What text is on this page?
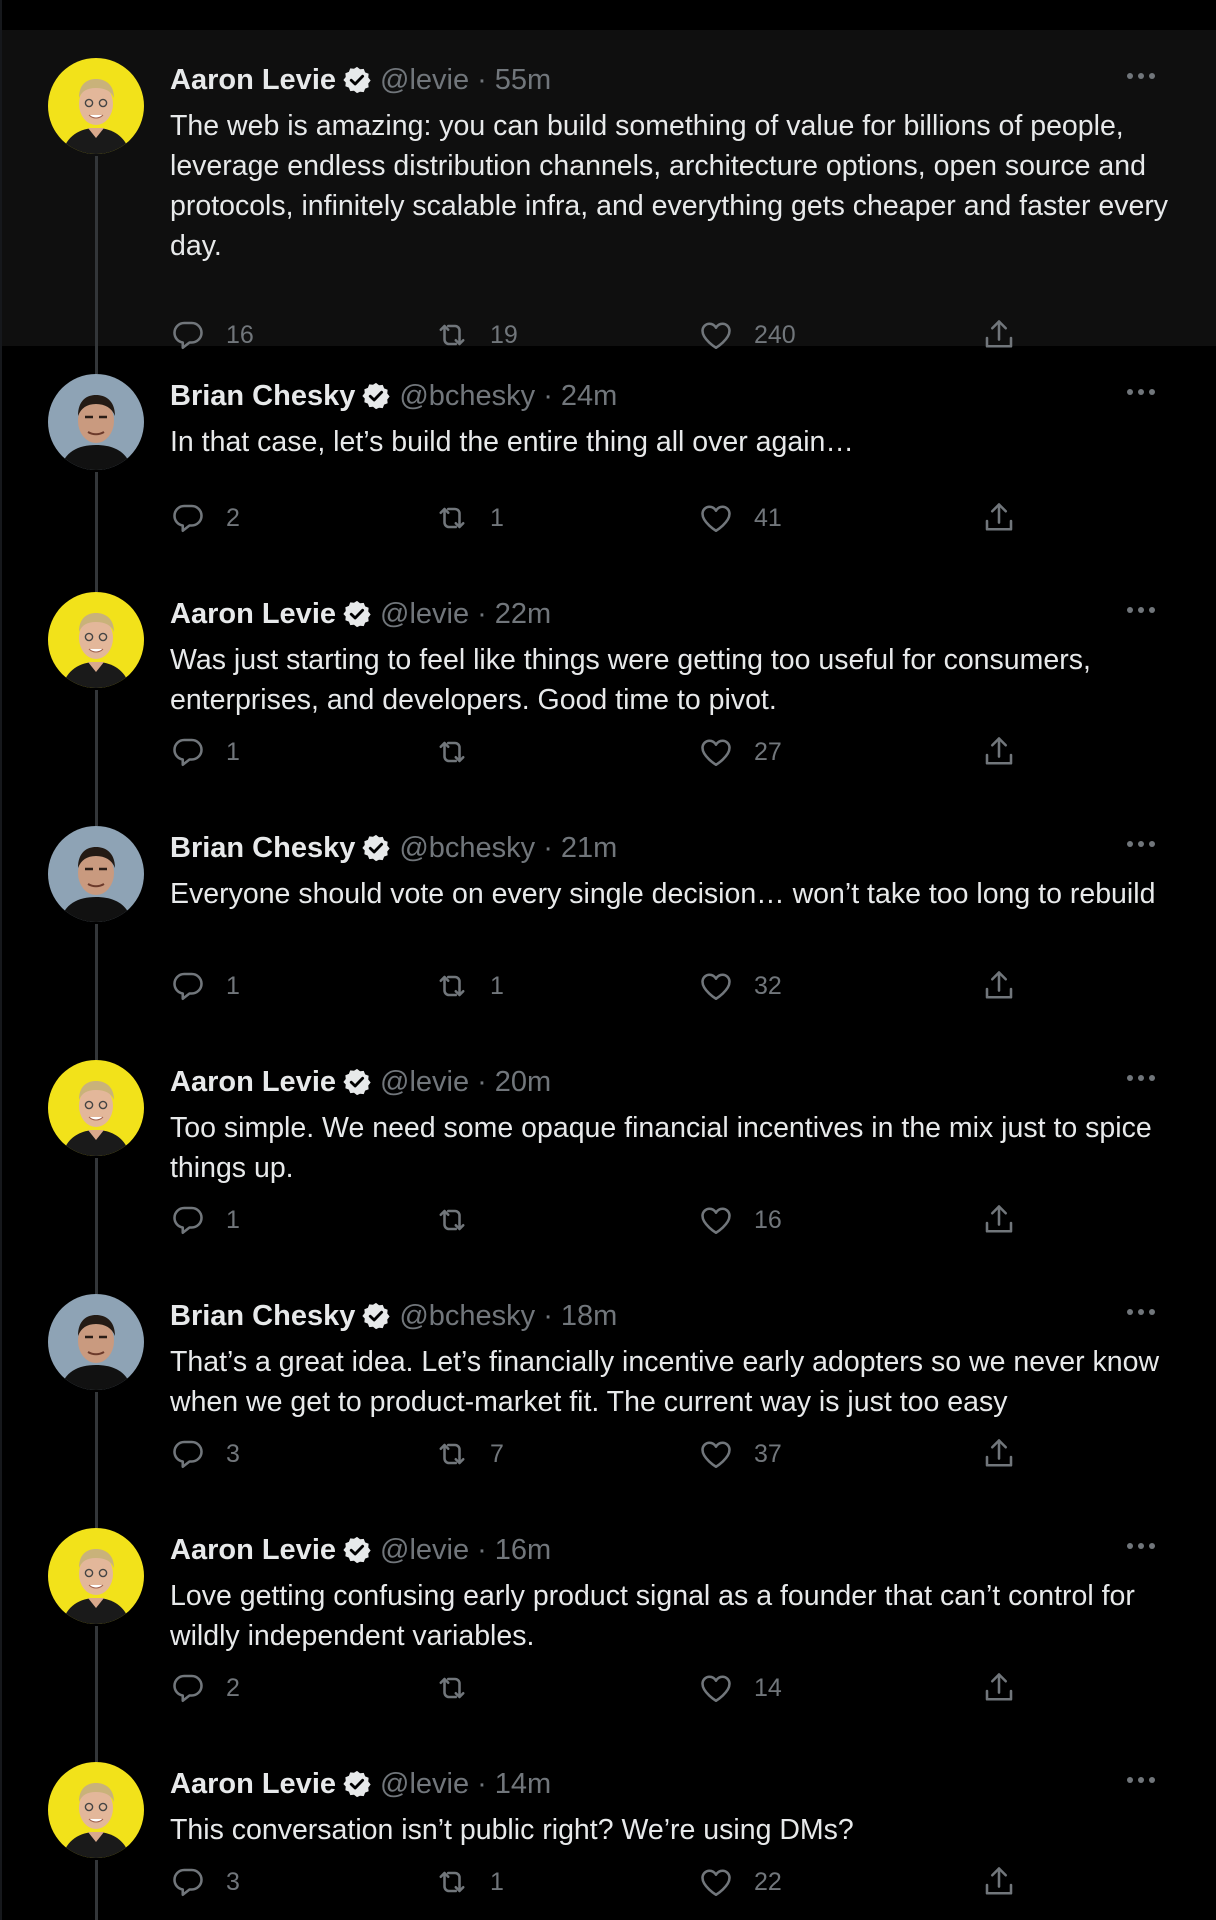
Aaron Levie @levie · 55m
The web is amazing: you can build something of value for billions of people, leverage endless distribution channels, architecture options, open source and protocols, infinitely scalable infra, and everything gets cheaper and faster every day.
16	19	240
Brian Chesky @bchesky · 24m
In that case, let’s build the entire thing all over again…
2	1	41
Aaron Levie @levie · 22m
Was just starting to feel like things were getting too useful for consumers, enterprises, and developers. Good time to pivot.
1	27
Brian Chesky @bchesky · 21m
Everyone should vote on every single decision… won’t take too long to rebuild
1	1	32
Aaron Levie @levie · 20m
Too simple. We need some opaque financial incentives in the mix just to spice things up.
1	16
Brian Chesky @bchesky · 18m
That’s a great idea. Let’s financially incentive early adopters so we never know when we get to product-market fit. The current way is just too easy
3	7	37
Aaron Levie @levie · 16m
Love getting confusing early product signal as a founder that can’t control for wildly independent variables.
2	14
Aaron Levie @levie · 14m
This conversation isn’t public right? We’re using DMs?
3	1	22
